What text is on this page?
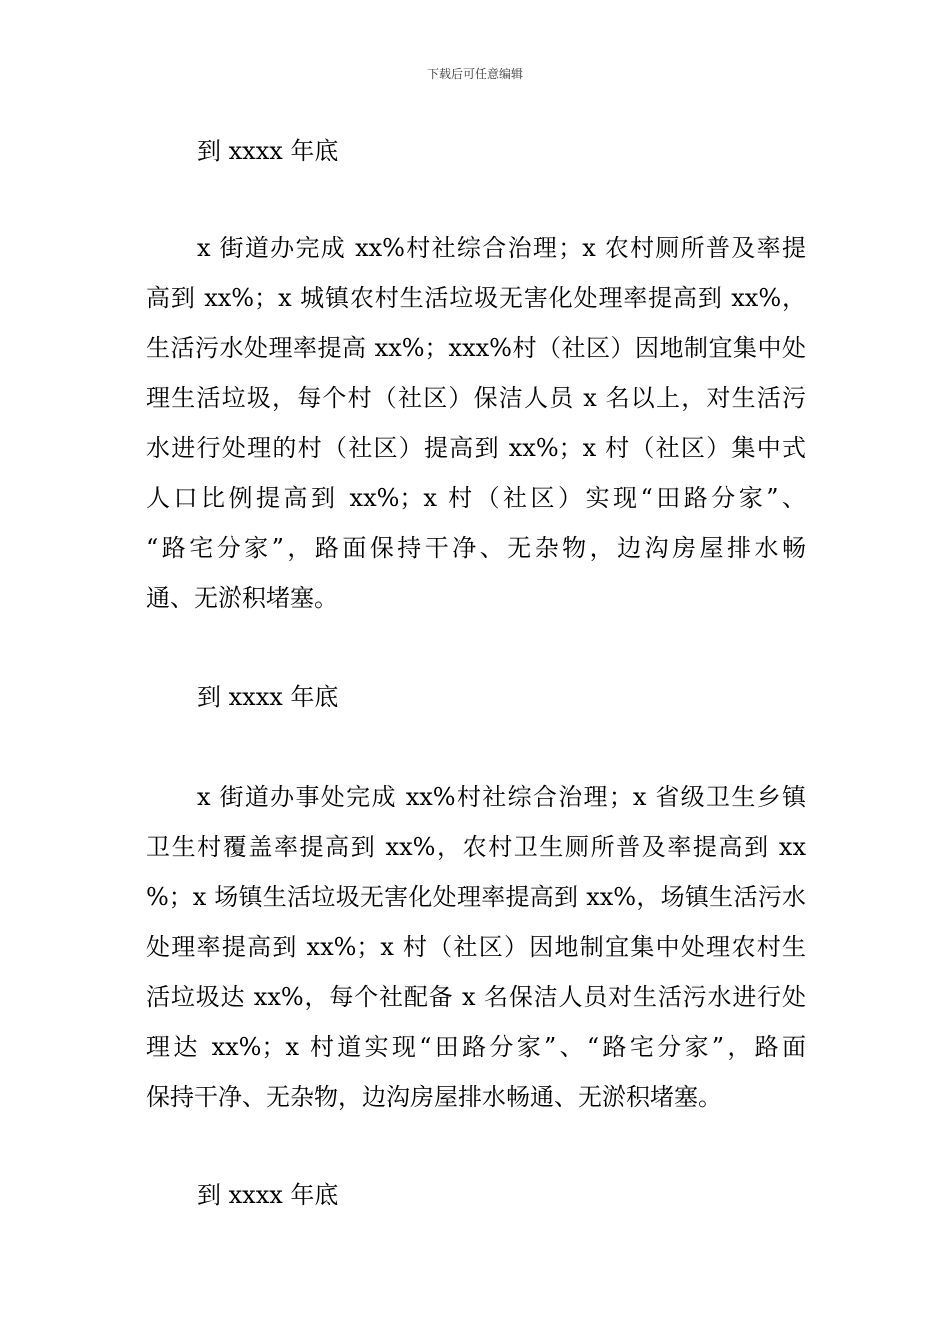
下载后可任意编辑
到 xxxx 年底
x 街道办完成 xx%村社综合治理；x 农村厕所普及率提
高到 xx%；x 城镇农村生活垃圾无害化处理率提高到 xx%，
生活污水处理率提高 xx%；xxx%村（社区）因地制宜集中处
理生活垃圾，每个村（社区）保洁人员 x 名以上，对生活污
水进行处理的村（社区）提高到 xx%；x 村（社区）集中式
人口比例提高到 xx%；x 村（社区）实现“田路分家”、
“路宅分家”，路面保持干净、无杂物，边沟房屋排水畅
通、无淤积堵塞。
到 xxxx 年底
x 街道办事处完成 xx%村社综合治理；x 省级卫生乡镇
卫生村覆盖率提高到 xx%，农村卫生厕所普及率提高到 xx
%；x 场镇生活垃圾无害化处理率提高到 xx%，场镇生活污水
处理率提高到 xx%；x 村（社区）因地制宜集中处理农村生
活垃圾达 xx%，每个社配备 x 名保洁人员对生活污水进行处
理达 xx%；x 村道实现“田路分家”、“路宅分家”，路面
保持干净、无杂物，边沟房屋排水畅通、无淤积堵塞。
到 xxxx 年底
